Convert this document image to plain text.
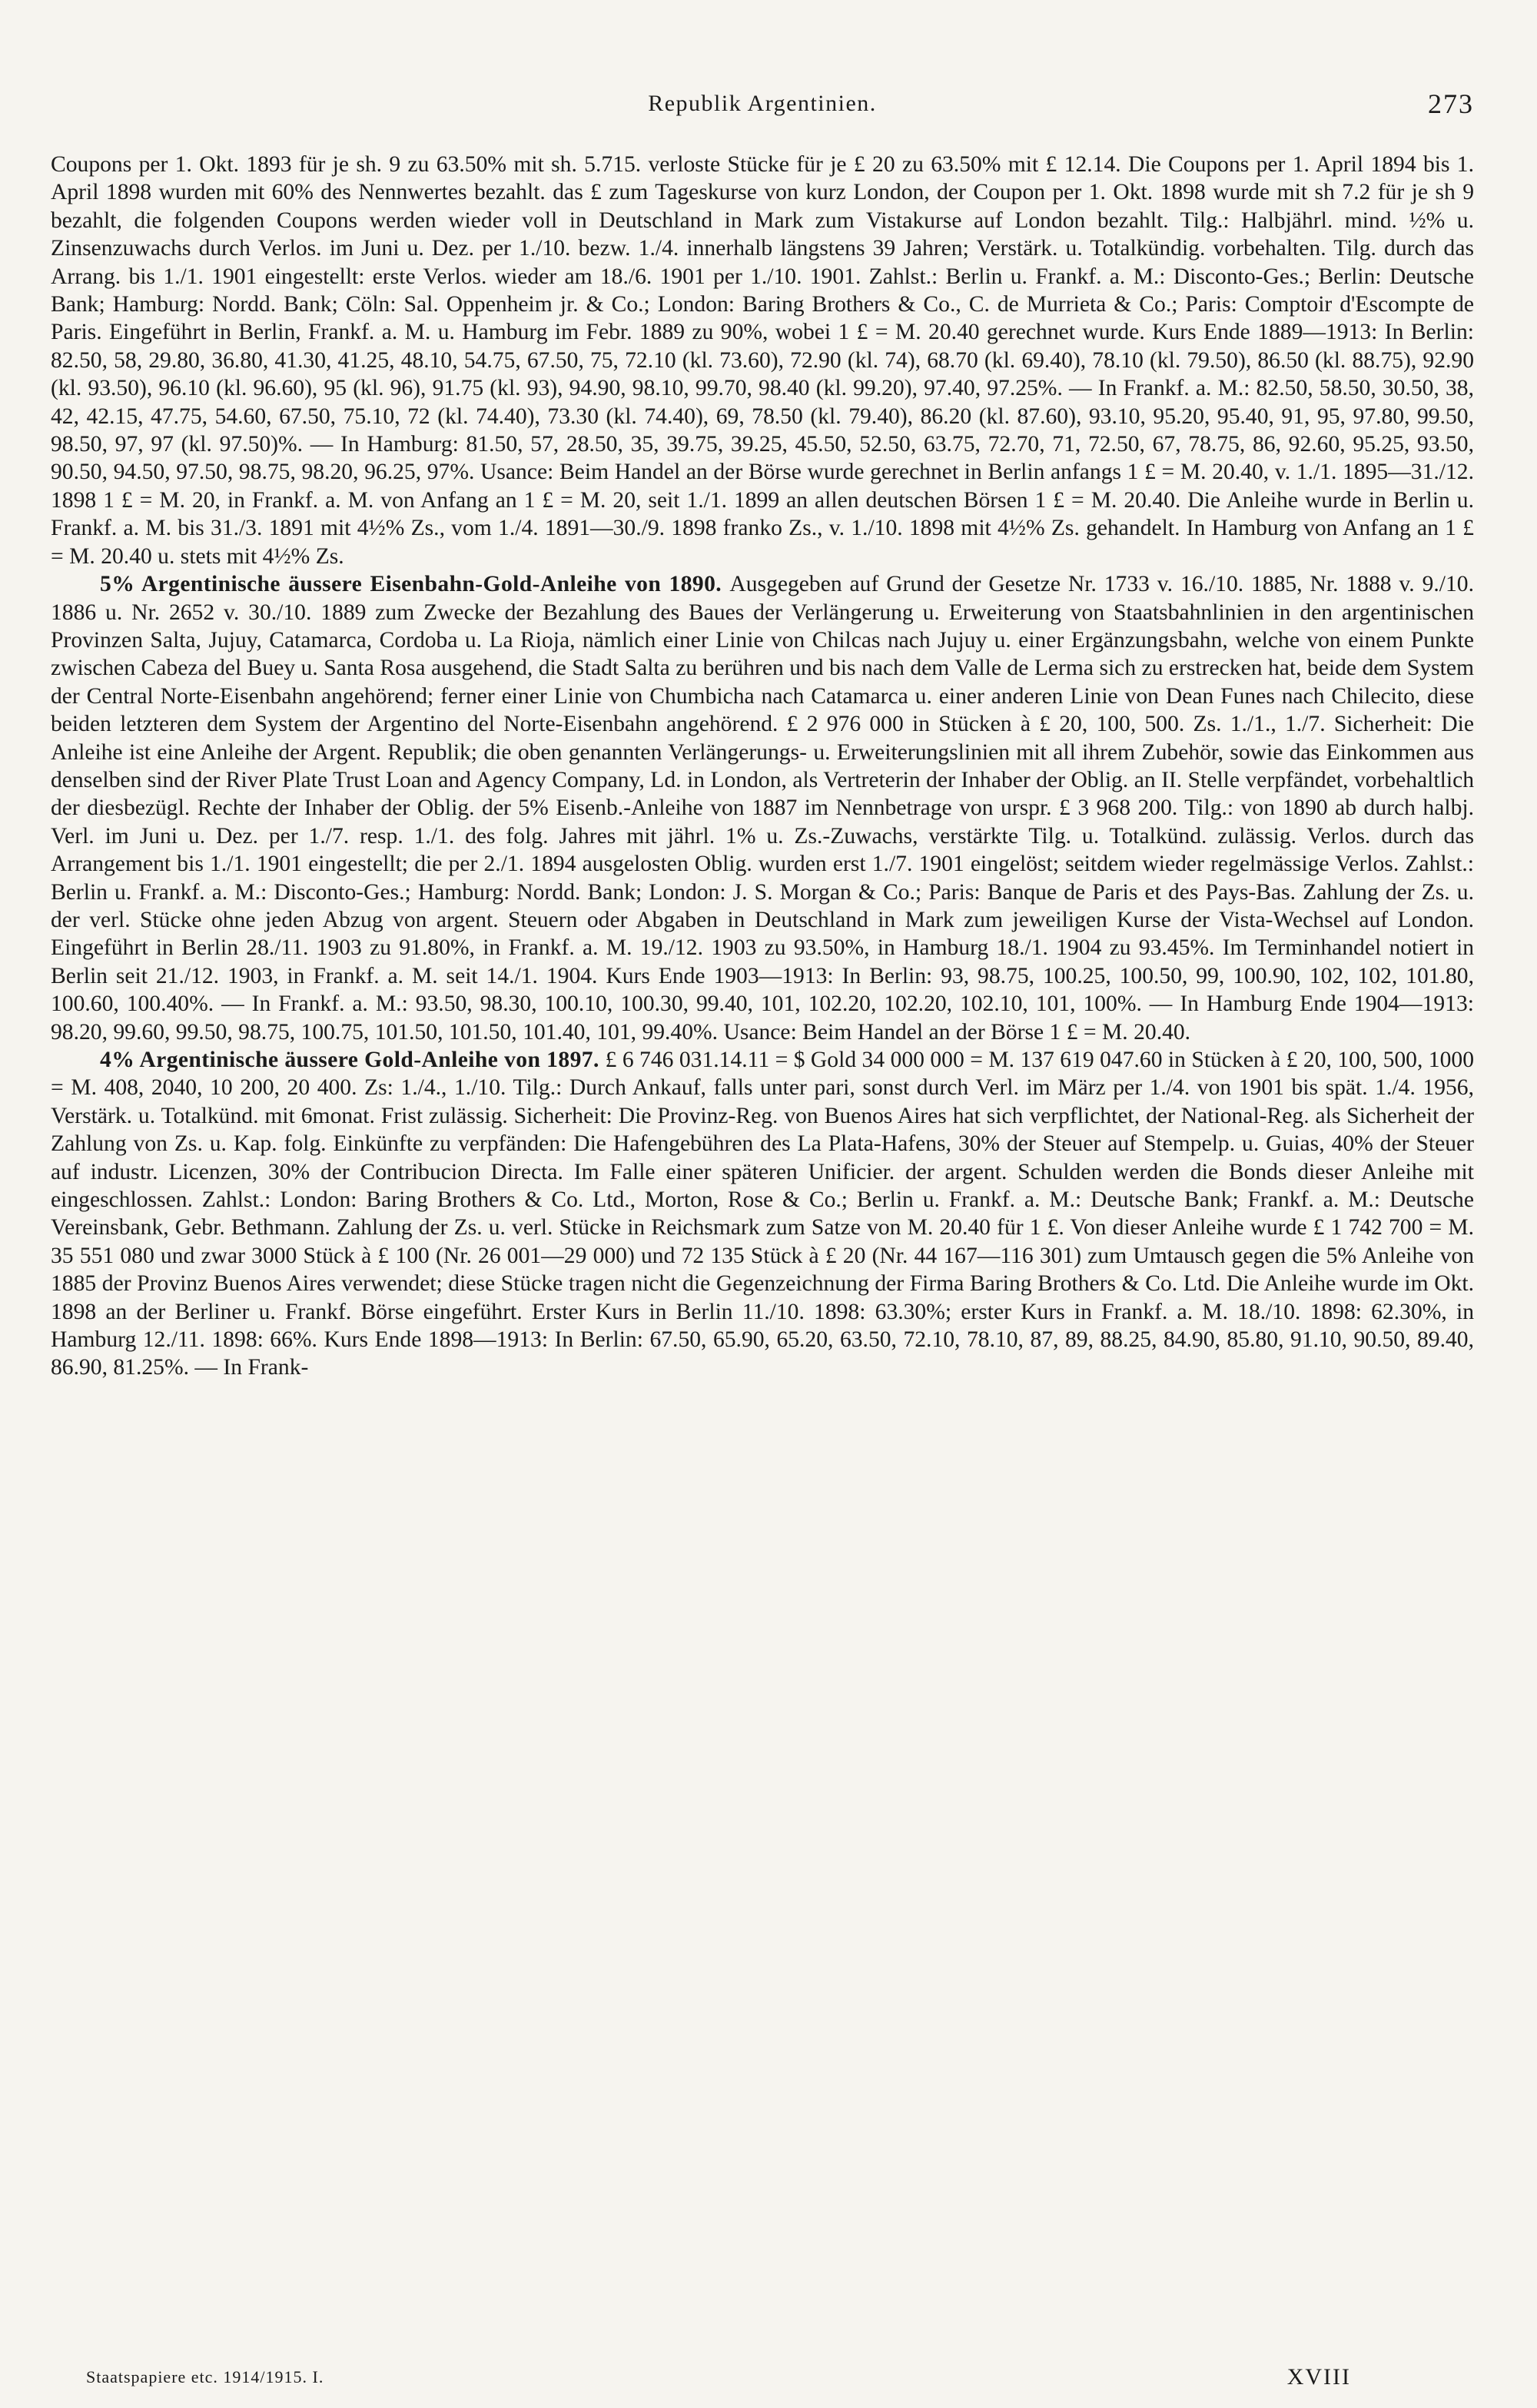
Republik Argentinien.	273

Coupons per 1. Okt. 1893 für je sh. 9 zu 63.50% mit sh. 5.715. verloste Stücke für je £ 20 zu 63.50% mit £ 12.14. Die Coupons per 1. April 1894 bis 1. April 1898 wurden mit 60% des Nennwertes bezahlt. das £ zum Tageskurse von kurz London, der Coupon per 1. Okt. 1898 wurde mit sh 7.2 für je sh 9 bezahlt, die folgenden Coupons werden wieder voll in Deutschland in Mark zum Vistakurse auf London bezahlt. Tilg.: Halbjährl. mind. ½% u. Zinsenzuwachs durch Verlos. im Juni u. Dez. per 1./10. bezw. 1./4. innerhalb längstens 39 Jahren; Verstärk. u. Totalkündig. vorbehalten. Tilg. durch das Arrang. bis 1./1. 1901 eingestellt: erste Verlos. wieder am 18./6. 1901 per 1./10. 1901. Zahlst.: Berlin u. Frankf. a. M.: Disconto-Ges.; Berlin: Deutsche Bank; Hamburg: Nordd. Bank; Cöln: Sal. Oppenheim jr. & Co.; London: Baring Brothers & Co., C. de Murrieta & Co.; Paris: Comptoir d'Escompte de Paris. Eingeführt in Berlin, Frankf. a. M. u. Hamburg im Febr. 1889 zu 90%, wobei 1 £ = M. 20.40 gerechnet wurde. Kurs Ende 1889—1913: In Berlin: 82.50, 58, 29.80, 36.80, 41.30, 41.25, 48.10, 54.75, 67.50, 75, 72.10 (kl. 73.60), 72.90 (kl. 74), 68.70 (kl. 69.40), 78.10 (kl. 79.50), 86.50 (kl. 88.75), 92.90 (kl. 93.50), 96.10 (kl. 96.60), 95 (kl. 96), 91.75 (kl. 93), 94.90, 98.10, 99.70, 98.40 (kl. 99.20), 97.40, 97.25%. — In Frankf. a. M.: 82.50, 58.50, 30.50, 38, 42, 42.15, 47.75, 54.60, 67.50, 75.10, 72 (kl. 74.40), 73.30 (kl. 74.40), 69, 78.50 (kl. 79.40), 86.20 (kl. 87.60), 93.10, 95.20, 95.40, 91, 95, 97.80, 99.50, 98.50, 97, 97 (kl. 97.50)%. — In Hamburg: 81.50, 57, 28.50, 35, 39.75, 39.25, 45.50, 52.50, 63.75, 72.70, 71, 72.50, 67, 78.75, 86, 92.60, 95.25, 93.50, 90.50, 94.50, 97.50, 98.75, 98.20, 96.25, 97%. Usance: Beim Handel an der Börse wurde gerechnet in Berlin anfangs 1 £ = M. 20.40, v. 1./1. 1895—31./12. 1898 1 £ = M. 20, in Frankf. a. M. von Anfang an 1 £ = M. 20, seit 1./1. 1899 an allen deutschen Börsen 1 £ = M. 20.40. Die Anleihe wurde in Berlin u. Frankf. a. M. bis 31./3. 1891 mit 4½% Zs., vom 1./4. 1891—30./9. 1898 franko Zs., v. 1./10. 1898 mit 4½% Zs. gehandelt. In Hamburg von Anfang an 1 £ = M. 20.40 u. stets mit 4½% Zs.

5% Argentinische äussere Eisenbahn-Gold-Anleihe von 1890. Ausgegeben auf Grund der Gesetze Nr. 1733 v. 16./10. 1885, Nr. 1888 v. 9./10. 1886 u. Nr. 2652 v. 30./10. 1889 zum Zwecke der Bezahlung des Baues der Verlängerung u. Erweiterung von Staatsbahnlinien in den argentinischen Provinzen Salta, Jujuy, Catamarca, Cordoba u. La Rioja, nämlich einer Linie von Chilcas nach Jujuy u. einer Ergänzungsbahn, welche von einem Punkte zwischen Cabeza del Buey u. Santa Rosa ausgehend, die Stadt Salta zu berühren und bis nach dem Valle de Lerma sich zu erstrecken hat, beide dem System der Central Norte-Eisenbahn angehörend; ferner einer Linie von Chumbicha nach Catamarca u. einer anderen Linie von Dean Funes nach Chilecito, diese beiden letzteren dem System der Argentino del Norte-Eisenbahn angehörend. £ 2 976 000 in Stücken à £ 20, 100, 500. Zs. 1./1., 1./7. Sicherheit: Die Anleihe ist eine Anleihe der Argent. Republik; die oben genannten Verlängerungs- u. Erweiterungslinien mit all ihrem Zubehör, sowie das Einkommen aus denselben sind der River Plate Trust Loan and Agency Company, Ld. in London, als Vertreterin der Inhaber der Oblig. an II. Stelle verpfändet, vorbehaltlich der diesbezügl. Rechte der Inhaber der Oblig. der 5% Eisenb.-Anleihe von 1887 im Nennbetrage von urspr. £ 3 968 200. Tilg.: von 1890 ab durch halbj. Verl. im Juni u. Dez. per 1./7. resp. 1./1. des folg. Jahres mit jährl. 1% u. Zs.-Zuwachs, verstärkte Tilg. u. Totalkünd. zulässig. Verlos. durch das Arrangement bis 1./1. 1901 eingestellt; die per 2./1. 1894 ausgelosten Oblig. wurden erst 1./7. 1901 eingelöst; seitdem wieder regelmässige Verlos. Zahlst.: Berlin u. Frankf. a. M.: Disconto-Ges.; Hamburg: Nordd. Bank; London: J. S. Morgan & Co.; Paris: Banque de Paris et des Pays-Bas. Zahlung der Zs. u. der verl. Stücke ohne jeden Abzug von argent. Steuern oder Abgaben in Deutschland in Mark zum jeweiligen Kurse der Vista-Wechsel auf London. Eingeführt in Berlin 28./11. 1903 zu 91.80%, in Frankf. a. M. 19./12. 1903 zu 93.50%, in Hamburg 18./1. 1904 zu 93.45%. Im Terminhandel notiert in Berlin seit 21./12. 1903, in Frankf. a. M. seit 14./1. 1904. Kurs Ende 1903—1913: In Berlin: 93, 98.75, 100.25, 100.50, 99, 100.90, 102, 102, 101.80, 100.60, 100.40%. — In Frankf. a. M.: 93.50, 98.30, 100.10, 100.30, 99.40, 101, 102.20, 102.20, 102.10, 101, 100%. — In Hamburg Ende 1904—1913: 98.20, 99.60, 99.50, 98.75, 100.75, 101.50, 101.50, 101.40, 101, 99.40%. Usance: Beim Handel an der Börse 1 £ = M. 20.40.

4% Argentinische äussere Gold-Anleihe von 1897. £ 6 746 031.14.11 = $ Gold 34 000 000 = M. 137 619 047.60 in Stücken à £ 20, 100, 500, 1000 = M. 408, 2040, 10 200, 20 400. Zs: 1./4., 1./10. Tilg.: Durch Ankauf, falls unter pari, sonst durch Verl. im März per 1./4. von 1901 bis spät. 1./4. 1956, Verstärk. u. Totalkünd. mit 6monat. Frist zulässig. Sicherheit: Die Provinz-Reg. von Buenos Aires hat sich verpflichtet, der National-Reg. als Sicherheit der Zahlung von Zs. u. Kap. folg. Einkünfte zu verpfänden: Die Hafengebühren des La Plata-Hafens, 30% der Steuer auf Stempelp. u. Guias, 40% der Steuer auf industr. Licenzen, 30% der Contribucion Directa. Im Falle einer späteren Unificier. der argent. Schulden werden die Bonds dieser Anleihe mit eingeschlossen. Zahlst.: London: Baring Brothers & Co. Ltd., Morton, Rose & Co.; Berlin u. Frankf. a. M.: Deutsche Bank; Frankf. a. M.: Deutsche Vereinsbank, Gebr. Bethmann. Zahlung der Zs. u. verl. Stücke in Reichsmark zum Satze von M. 20.40 für 1 £. Von dieser Anleihe wurde £ 1 742 700 = M. 35 551 080 und zwar 3000 Stück à £ 100 (Nr. 26 001—29 000) und 72 135 Stück à £ 20 (Nr. 44 167—116 301) zum Umtausch gegen die 5% Anleihe von 1885 der Provinz Buenos Aires verwendet; diese Stücke tragen nicht die Gegenzeichnung der Firma Baring Brothers & Co. Ltd. Die Anleihe wurde im Okt. 1898 an der Berliner u. Frankf. Börse eingeführt. Erster Kurs in Berlin 11./10. 1898: 63.30%; erster Kurs in Frankf. a. M. 18./10. 1898: 62.30%, in Hamburg 12./11. 1898: 66%. Kurs Ende 1898—1913: In Berlin: 67.50, 65.90, 65.20, 63.50, 72.10, 78.10, 87, 89, 88.25, 84.90, 85.80, 91.10, 90.50, 89.40, 86.90, 81.25%. — In Frank-

Staatspapiere etc. 1914/1915. I.	XVIII
